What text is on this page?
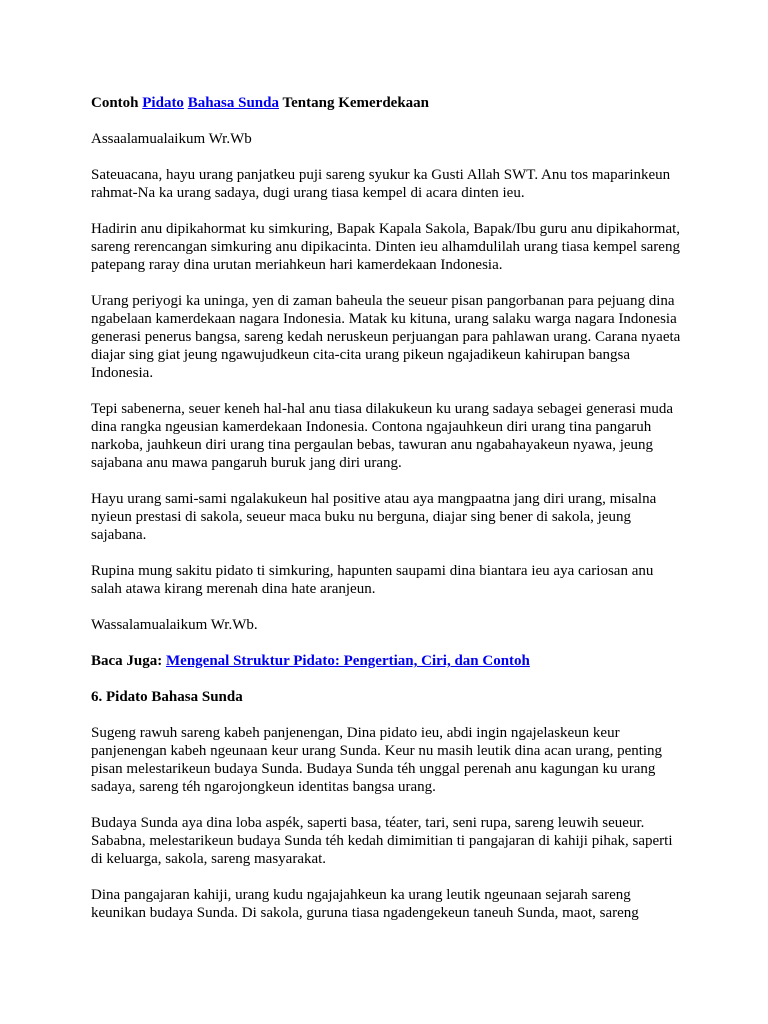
Contoh Pidato Bahasa Sunda Tentang Kemerdekaan

Assaalamualaikum Wr.Wb

Sateuacana, hayu urang panjatkeu puji sareng syukur ka Gusti Allah SWT. Anu tos maparinkeun rahmat-Na ka urang sadaya, dugi urang tiasa kempel di acara dinten ieu.

Hadirin anu dipikahormat ku simkuring, Bapak Kapala Sakola, Bapak/Ibu guru anu dipikahormat, sareng rerencangan simkuring anu dipikacinta. Dinten ieu alhamdulilah urang tiasa kempel sareng patepang raray dina urutan meriahkeun hari kamerdekaan Indonesia.

Urang periyogi ka uninga, yen di zaman baheula the seueur pisan pangorbanan para pejuang dina ngabelaan kamerdekaan nagara Indonesia. Matak ku kituna, urang salaku warga nagara Indonesia generasi penerus bangsa, sareng kedah neruskeun perjuangan para pahlawan urang. Carana nyaeta diajar sing giat jeung ngawujudkeun cita-cita urang pikeun ngajadikeun kahirupan bangsa Indonesia.

Tepi sabenerna, seuer keneh hal-hal anu tiasa dilakukeun ku urang sadaya sebagei generasi muda dina rangka ngeusian kamerdekaan Indonesia. Contona ngajauhkeun diri urang tina pangaruh narkoba, jauhkeun diri urang tina pergaulan bebas, tawuran anu ngabahayakeun nyawa, jeung sajabana anu mawa pangaruh buruk jang diri urang.

Hayu urang sami-sami ngalakukeun hal positive atau aya mangpaatna jang diri urang, misalna nyieun prestasi di sakola, seueur maca buku nu berguna, diajar sing bener di sakola, jeung sajabana.

Rupina mung sakitu pidato ti simkuring, hapunten saupami dina biantara ieu aya cariosan anu salah atawa kirang merenah dina hate aranjeun.

Wassalamualaikum Wr.Wb.

Baca Juga: Mengenal Struktur Pidato: Pengertian, Ciri, dan Contoh

6. Pidato Bahasa Sunda

Sugeng rawuh sareng kabeh panjenengan, Dina pidato ieu, abdi ingin ngajelaskeun keur panjenengan kabeh ngeunaan keur urang Sunda. Keur nu masih leutik dina acan urang, penting pisan melestarikeun budaya Sunda. Budaya Sunda téh unggal perenah anu kagungan ku urang sadaya, sareng téh ngarojongkeun identitas bangsa urang.

Budaya Sunda aya dina loba aspék, saperti basa, téater, tari, seni rupa, sareng leuwih seueur. Sababna, melestarikeun budaya Sunda téh kedah dimimitian ti pangajaran di kahiji pihak, saperti di keluarga, sakola, sareng masyarakat.

Dina pangajaran kahiji, urang kudu ngajajahkeun ka urang leutik ngeunaan sejarah sareng keunikan budaya Sunda. Di sakola, guruna tiasa ngadengekeun taneuh Sunda, maot, sareng
